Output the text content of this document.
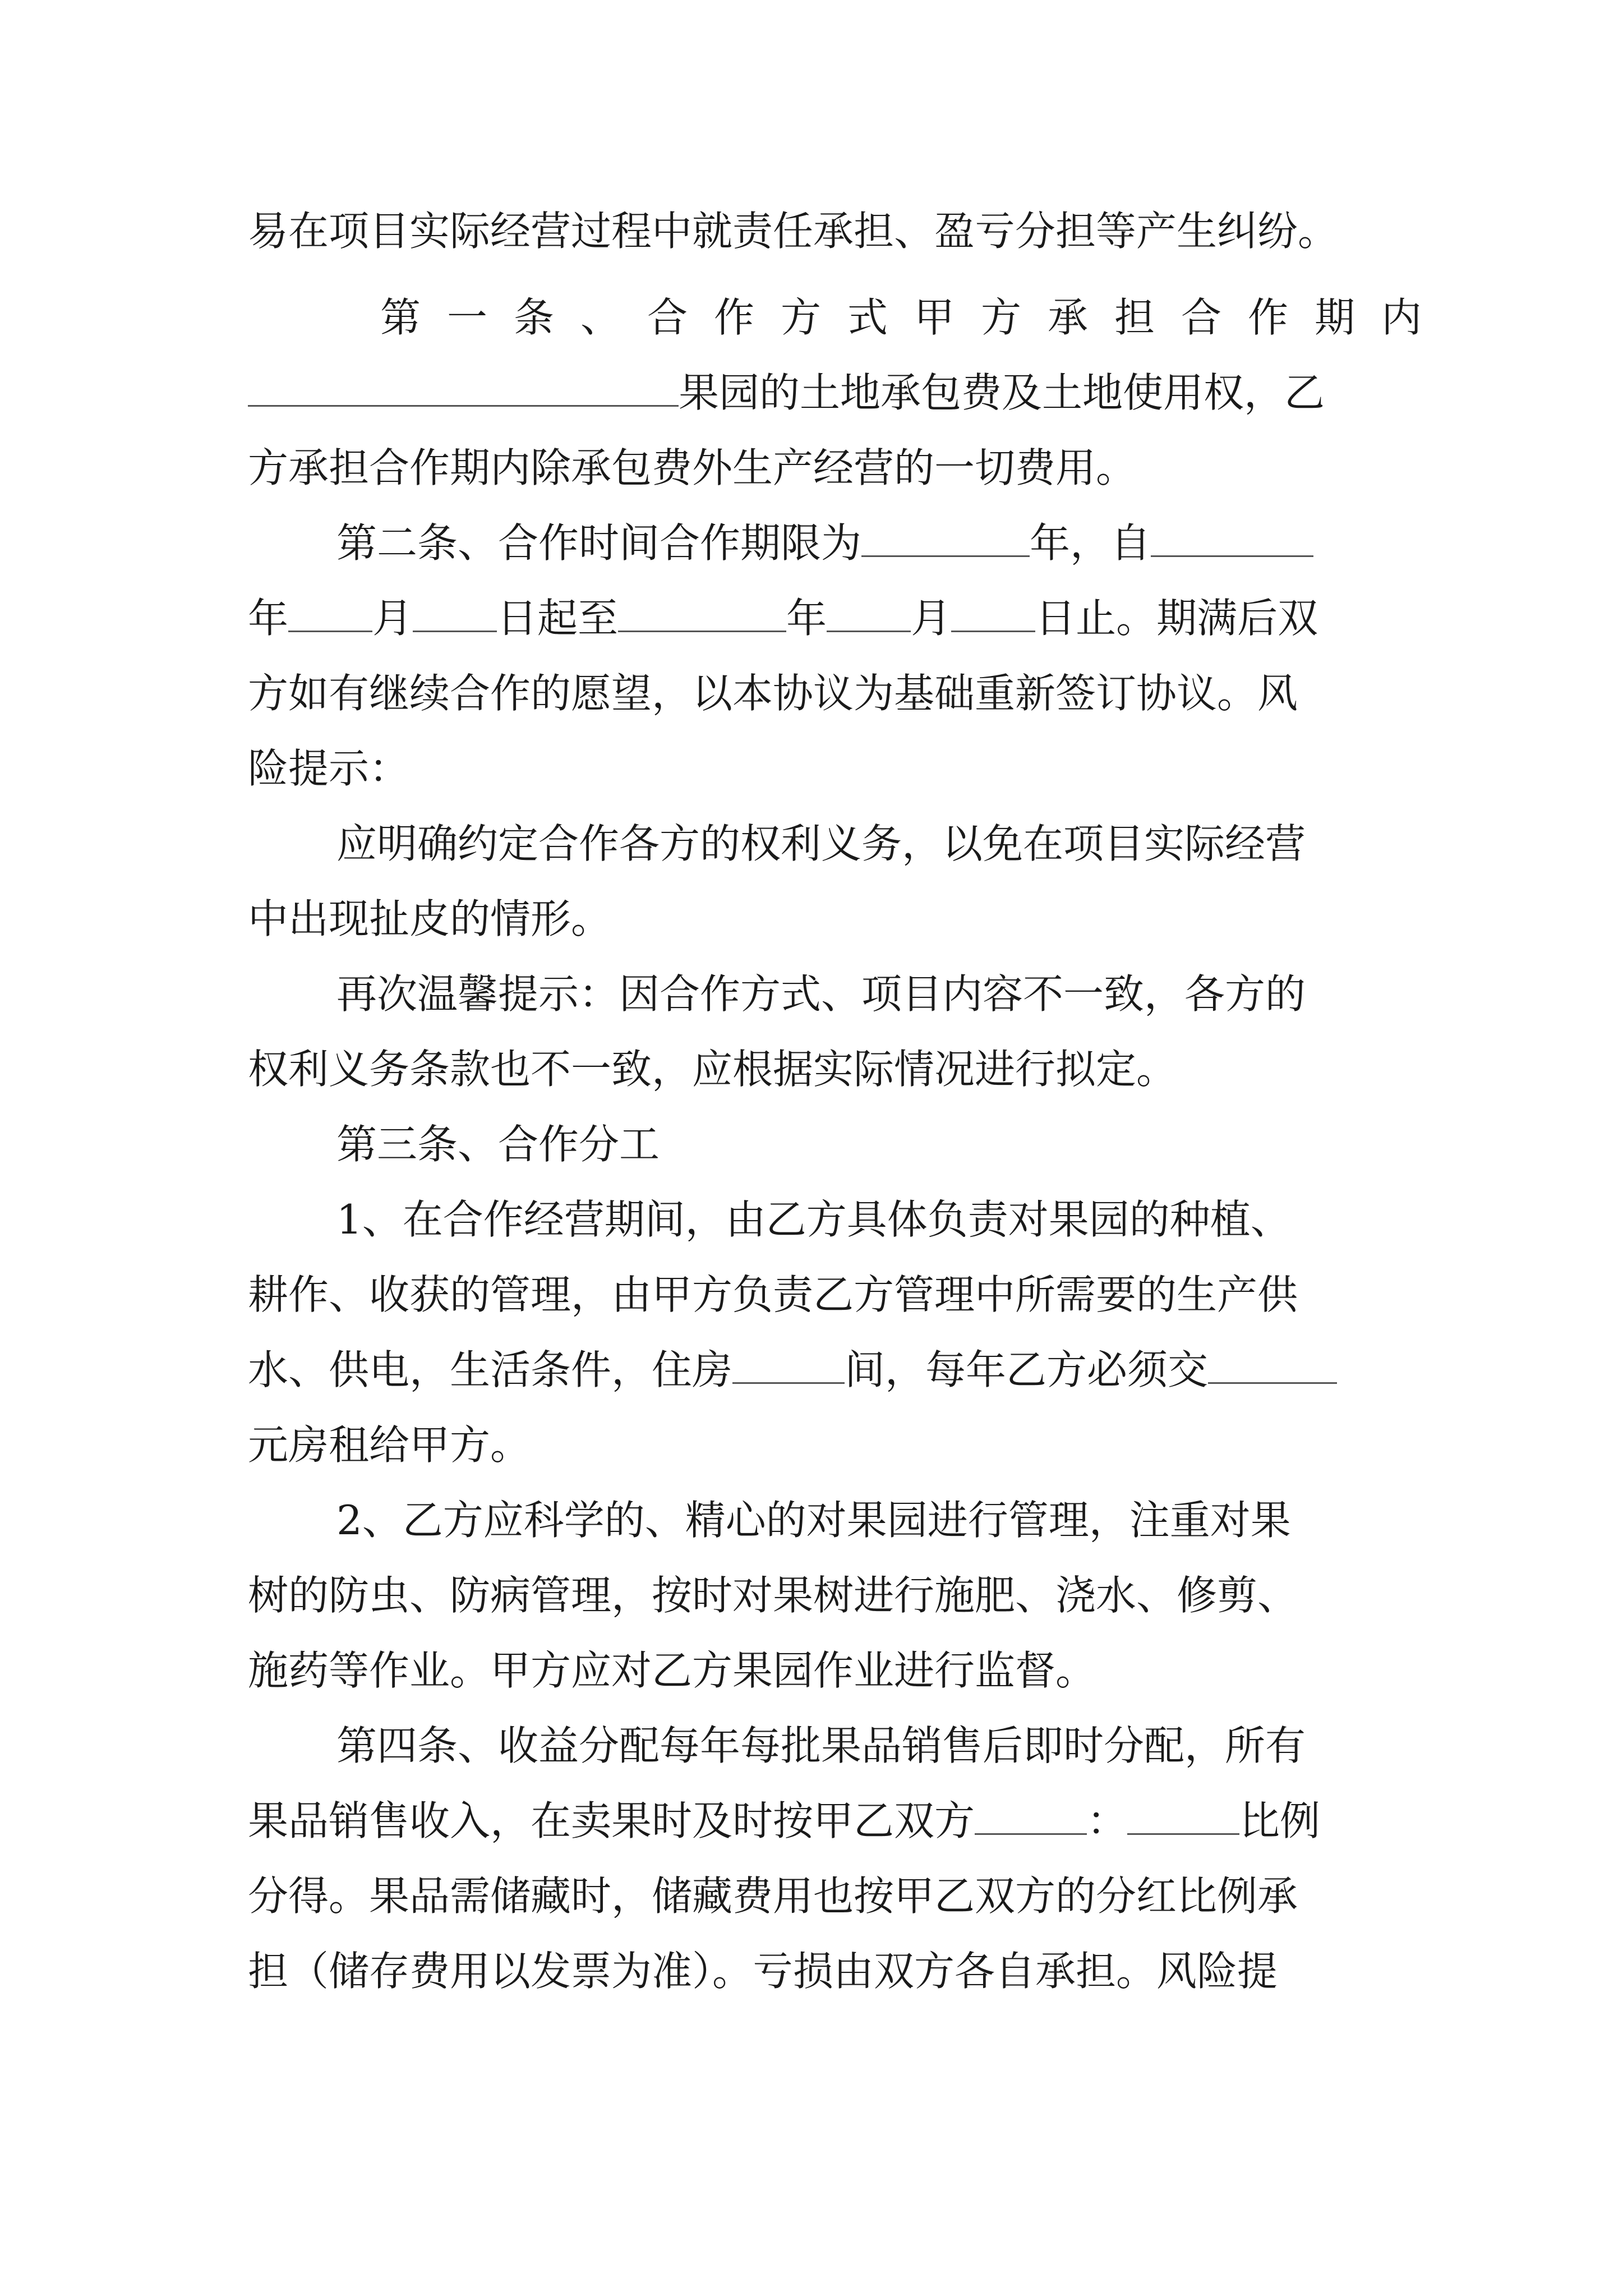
易在项目实际经营过程中就责任承担、盈亏分担等产生纠纷。

第一条、合作方式甲方承担合作期内

果园的土地承包费及土地使用权，乙

方承担合作期内除承包费外生产经营的一切费用。

第二条、合作时间合作期限为	年，自

年 月 日起至	年 月 日止。期满后双

方如有继续合作的愿望，以本协议为基础重新签订协议。风

险提示：

应明确约定合作各方的权利义务，以免在项目实际经营

中出现扯皮的情形。

再次温馨提示：因合作方式、项目内容不一致，各方的

权利义务条款也不一致，应根据实际情况进行拟定。

第三条、合作分工

1、在合作经营期间，由乙方具体负责对果园的种植、

耕作、收获的管理，由甲方负责乙方管理中所需要的生产供

水、供电，生活条件，住房	间，每年乙方必须交

元房租给甲方。

2、乙方应科学的、精心的对果园进行管理，注重对果

树的防虫、防病管理，按时对果树进行施肥、浇水、修剪、

施药等作业。甲方应对乙方果园作业进行监督。

第四条、收益分配每年每批果品销售后即时分配，所有

果品销售收入，在卖果时及时按甲乙双方	：	比例

分得。果品需储藏时，储藏费用也按甲乙双方的分红比例承

担（储存费用以发票为准）。亏损由双方各自承担。风险提
